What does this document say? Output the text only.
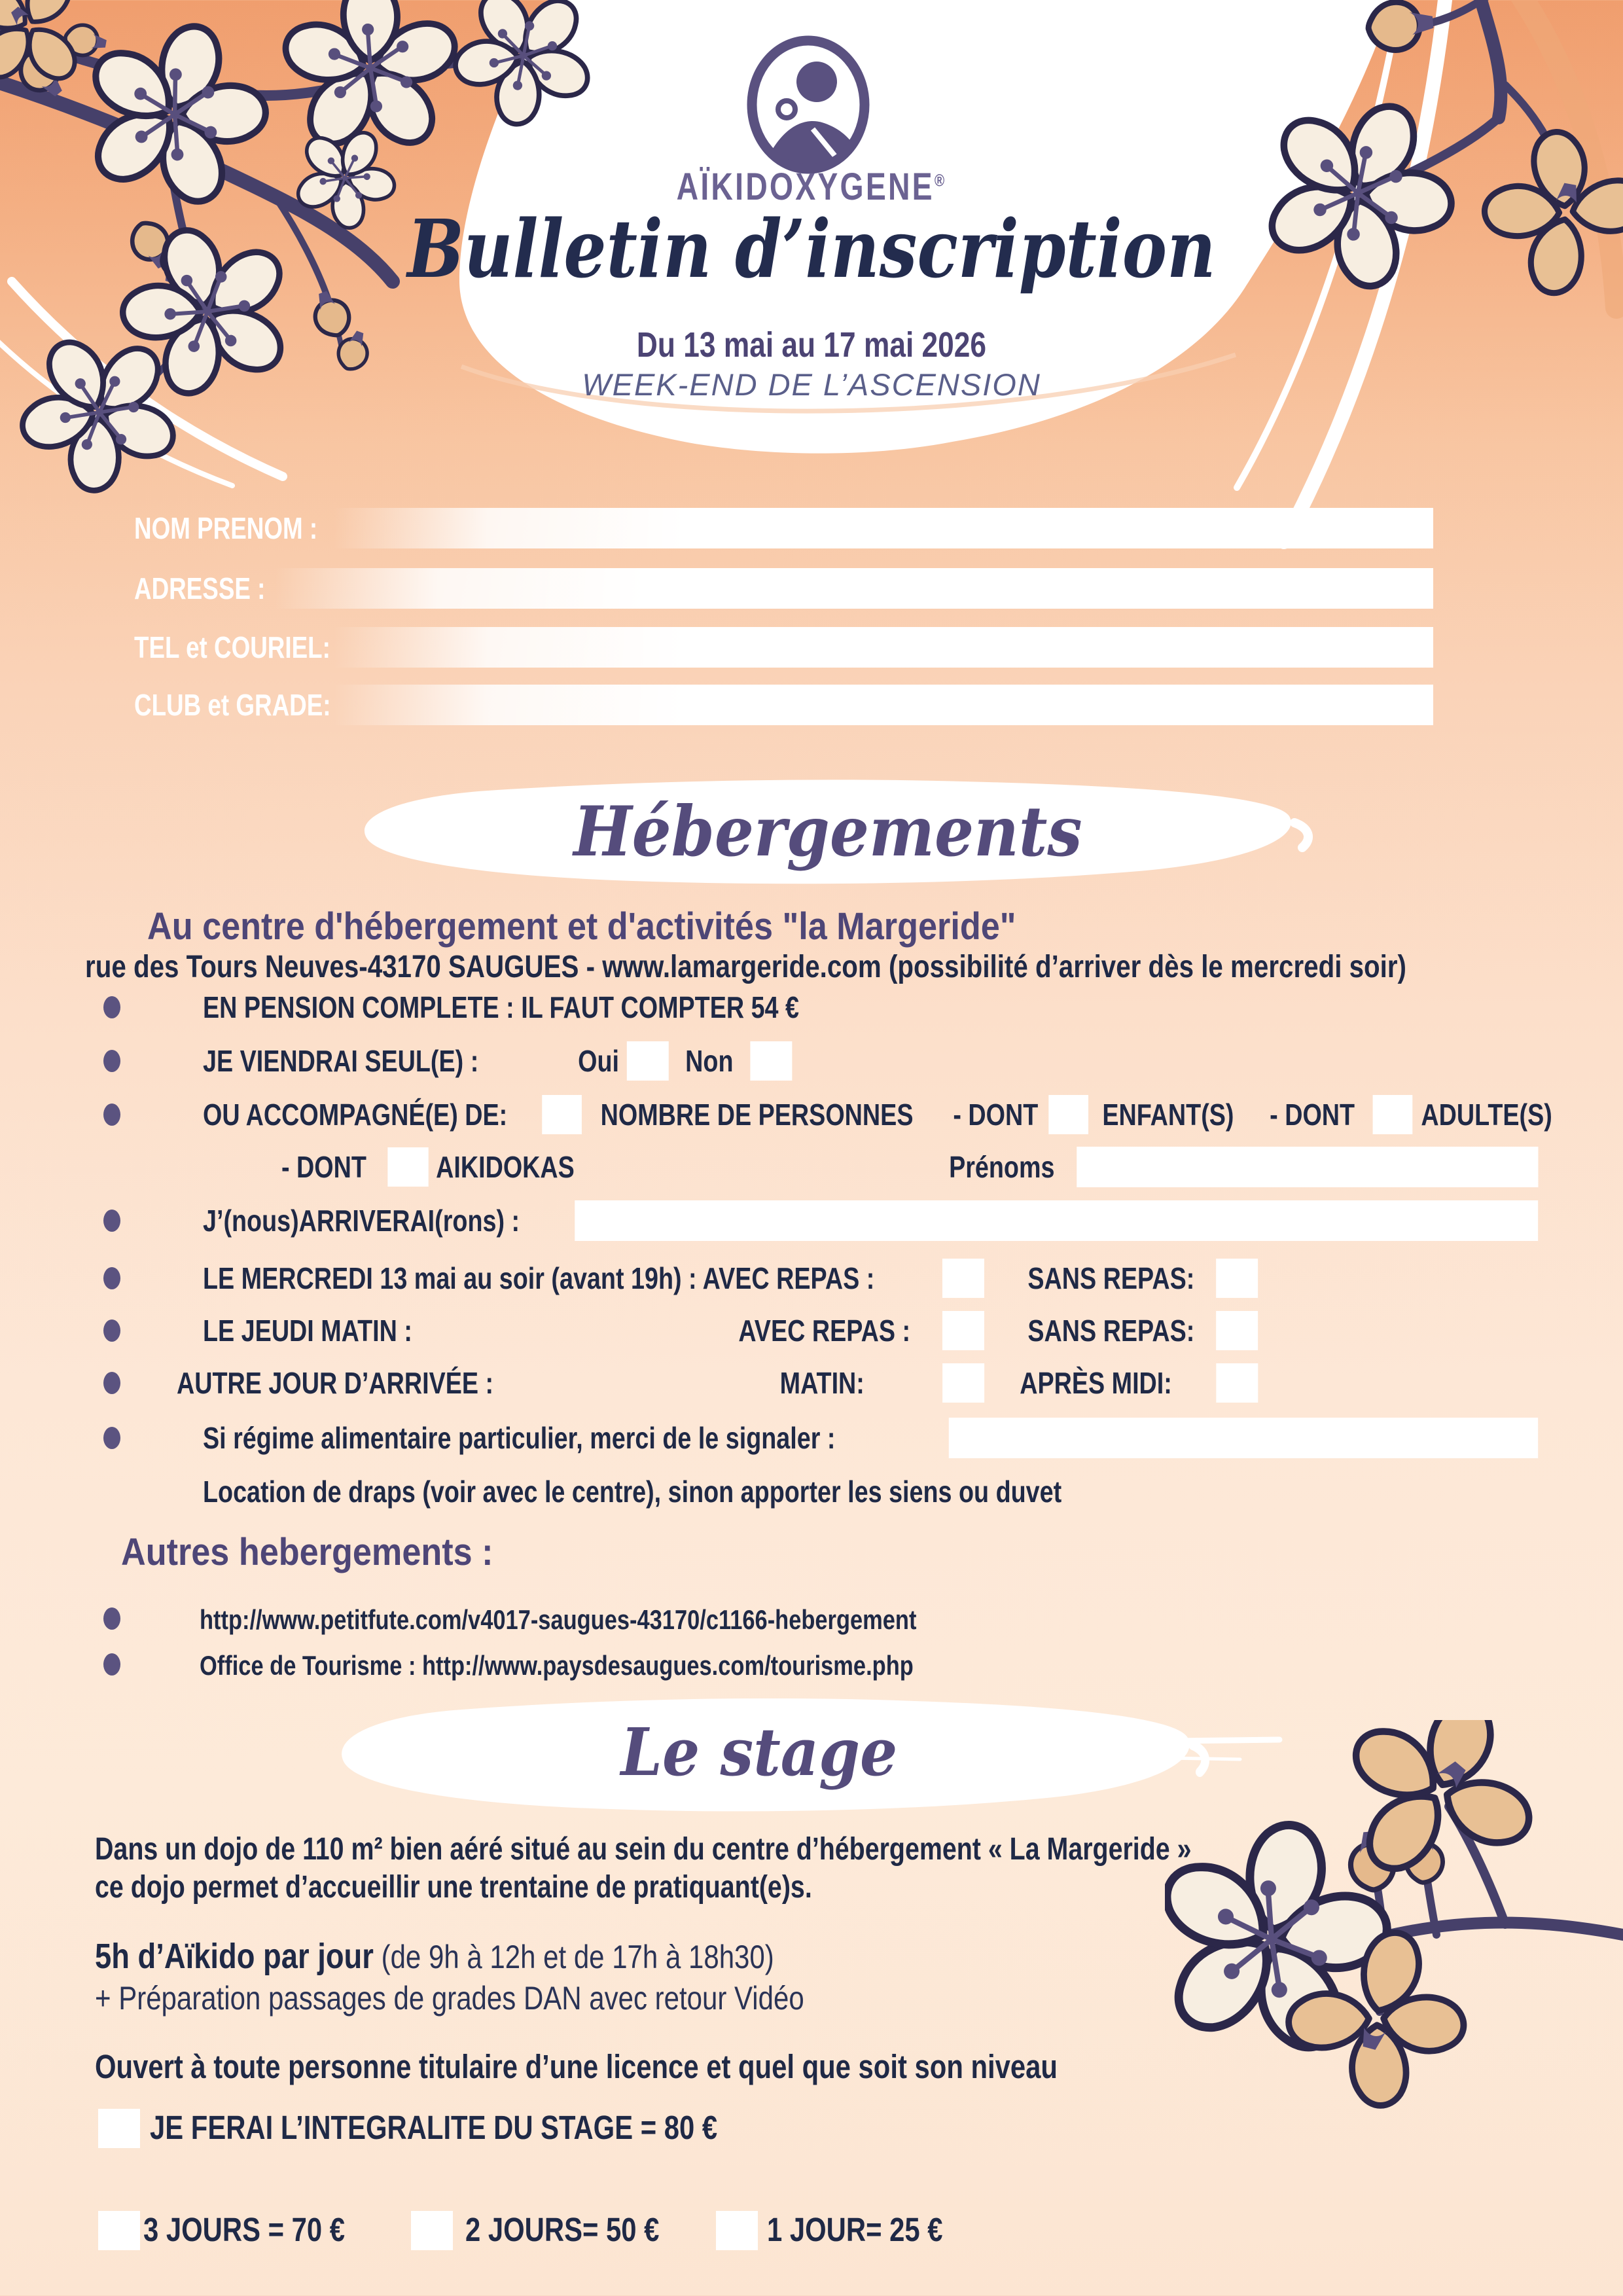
AÏKIDOXYGENE®
Bulletin d’inscription
Du 13 mai au 17 mai 2026
WEEK-END DE L’ASCENSION
NOM PRENOM :
ADRESSE :
TEL et COURIEL:
CLUB et GRADE:
Hébergements
Au centre d'hébergement et d'activités "la Margeride"
rue des Tours Neuves-43170 SAUGUES - www.lamargeride.com (possibilité d’arriver dès le mercredi soir)
EN PENSION COMPLETE : IL FAUT COMPTER 54 €
JE VIENDRAI SEUL(E) :	Oui Non
OU ACCOMPAGNÉ(E) DE:	NOMBRE DE PERSONNES - DONT ENFANT(S) - DONT ADULTE(S)
- DONT AIKIDOKAS	Prénoms
J’(nous)ARRIVERAI(rons) :
LE MERCREDI 13 mai au soir (avant 19h) : AVEC REPAS :	SANS REPAS:
LE JEUDI MATIN :	AVEC REPAS :	SANS REPAS:
AUTRE JOUR D’ARRIVÉE :	MATIN:	APRÈS MIDI:
Si régime alimentaire particulier, merci de le signaler :
Location de draps (voir avec le centre), sinon apporter les siens ou duvet
Autres hebergements :
http://www.petitfute.com/v4017-saugues-43170/c1166-hebergement
Office de Tourisme : http://www.paysdesaugues.com/tourisme.php
Le stage
Dans un dojo de 110 m² bien aéré situé au sein du centre d’hébergement « La Margeride »
ce dojo permet d’accueillir une trentaine de pratiquant(e)s.
5h d’Aïkido par jour (de 9h à 12h et de 17h à 18h30)
+ Préparation passages de grades DAN avec retour Vidéo
Ouvert à toute personne titulaire d’une licence et quel que soit son niveau
JE FERAI L’INTEGRALITE DU STAGE = 80 €
3 JOURS = 70 €	2 JOURS= 50 €	1 JOUR= 25 €
